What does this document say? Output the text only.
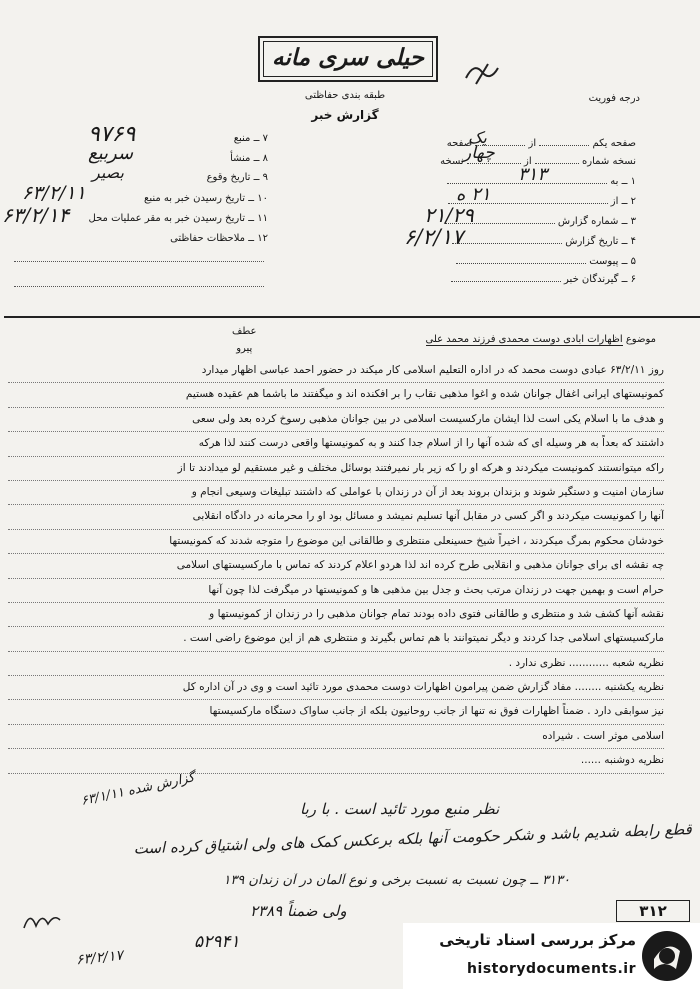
حیلی سری مانه
طبقه بندی حفاظتی
گزارش خبر
درجه فوریت
صفحه یکم  از  صفحه
یک
نسخه شماره  از  نسخه چهار
۱ ــ به
۳۱۳
۲ ــ از
۲۱ ه
۳ ــ شماره گزارش
۲۱/۲۹
۴ ــ تاریخ گزارش
۶/۲/۱۷
۵ ــ پیوست
۶ ــ گیرندگان خبر
۷ ــ منبع
۹۷۶۹
۸ ــ منشأ
سربیع
۹ ــ تاریخ وقوع
بصیر
۱۰ ــ تاریخ رسیدن خبر به منبع
۶۳/۲/۱۱
۱۱ ــ تاریخ رسیدن خبر به مقر عملیات محل
۶۳/۲/۱۴
۱۲ ــ ملاحظات حفاظتی
موضوع اظهارات ابادی دوست محمدی فرزند محمد علی
عطف
پیرو
روز ۶۳/۲/۱۱ عبادی دوست محمد که در اداره التعلیم اسلامی کار میکند در حضور احمد عباسی اظهار میدارد
کمونیستهای ایرانی اغفال جوانان شده و اغوا مذهبی نقاب را بر افکنده اند و میگفتند ما باشما هم عقیده هستیم
و هدف ما با اسلام یکی است لذا ایشان مارکسیست اسلامی در بین جوانان مذهبی رسوخ کرده بعد ولی سعی
داشتند که بعداً به هر وسیله ای که شده آنها را از اسلام جدا کنند و به کمونیستها واقعی درست کنند لذا هرکه
راکه میتوانستند کمونیست میکردند و هرکه او را که زیر بار نمیرفتند بوسائل مختلف و غیر مستقیم لو میدادند تا از
سازمان امنیت و دستگیر شوند و بزندان بروند بعد از آن در زندان با عواملی که داشتند تبلیغات وسیعی انجام و
آنها را کمونیست میکردند و اگر کسی در مقابل آنها تسلیم نمیشد و مسائل بود او را محرمانه در دادگاه انقلابی
خودشان محکوم بمرگ میکردند ، اخیراً شیخ حسینعلی منتظری و طالقانی این موضوع را متوجه شدند که کمونیستها
چه نقشه ای برای جوانان مذهبی و انقلابی طرح کرده اند لذا هردو اعلام کردند که تماس با مارکسیستهای اسلامی
حرام است و بهمین جهت در زندان مرتب بحث و جدل بین مذهبی ها و کمونیستها در میگرفت لذا چون آنها
نقشه آنها کشف شد و منتظری و طالقانی فتوی داده بودند تمام جوانان مذهبی را در زندان از کمونیستها و
مارکسیستهای اسلامی جدا کردند و دیگر نمیتوانند با هم تماس بگیرند و منتظری هم از این موضوع راضی است .
نظریه شعبه ............ نظری ندارد .
نظریه یکشنبه ........ مفاد گزارش ضمن پیرامون اظهارات دوست محمدی مورد تائید است و وی در آن اداره کل
نیز سوابقی دارد . ضمناً اظهارات فوق نه تنها از جانب روحانیون بلکه از جانب ساواک دستگاه مارکسیستها
اسلامی موثر است . شیراده
نظریه دوشنبه ......
گزارش شده ۶۳/۱/۱۱
نظر منبع مورد تائید است . با ربا
قطع رابطه شدیم باشد و شکر حکومت آنها بلکه برعکس کمک های ولی اشتیاق کرده است
۳۱۳۰ ــ چون نسبت به نسبت برخی و نوع آلمان در آن زندان ۱۳۹
ولی ضمناً ۲۳۸۹
۵۲۹۴۱
۶۳/۲/۱۷
۳۱۲
مرکز بررسی اسناد تاریخی
historydocuments.ir
